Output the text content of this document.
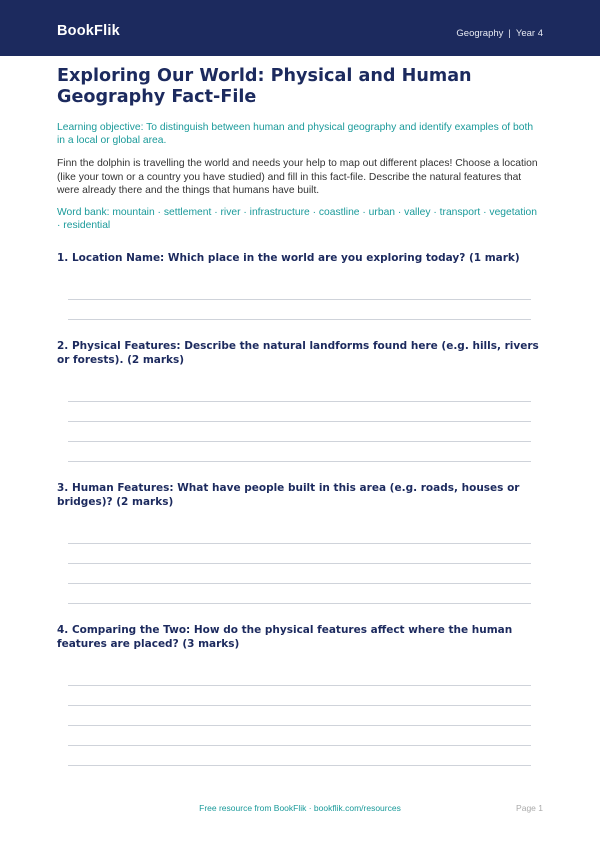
BookFlik	Geography | Year 4
Exploring Our World: Physical and Human Geography Fact-File

Learning objective: To distinguish between human and physical geography and identify examples of both in a local or global area.

Finn the dolphin is travelling the world and needs your help to map out different places! Choose a location (like your town or a country you have studied) and fill in this fact-file. Describe the natural features that were already there and the things that humans have built.

Word bank: mountain · settlement · river · infrastructure · coastline · urban · valley · transport · vegetation · residential

1. Location Name: Which place in the world are you exploring today? (1 mark)
2. Physical Features: Describe the natural landforms found here (e.g. hills, rivers or forests). (2 marks)
3. Human Features: What have people built in this area (e.g. roads, houses or bridges)? (2 marks)
4. Comparing the Two: How do the physical features affect where the human features are placed? (3 marks)
Free resource from BookFlik · bookflik.com/resources	Page 1
